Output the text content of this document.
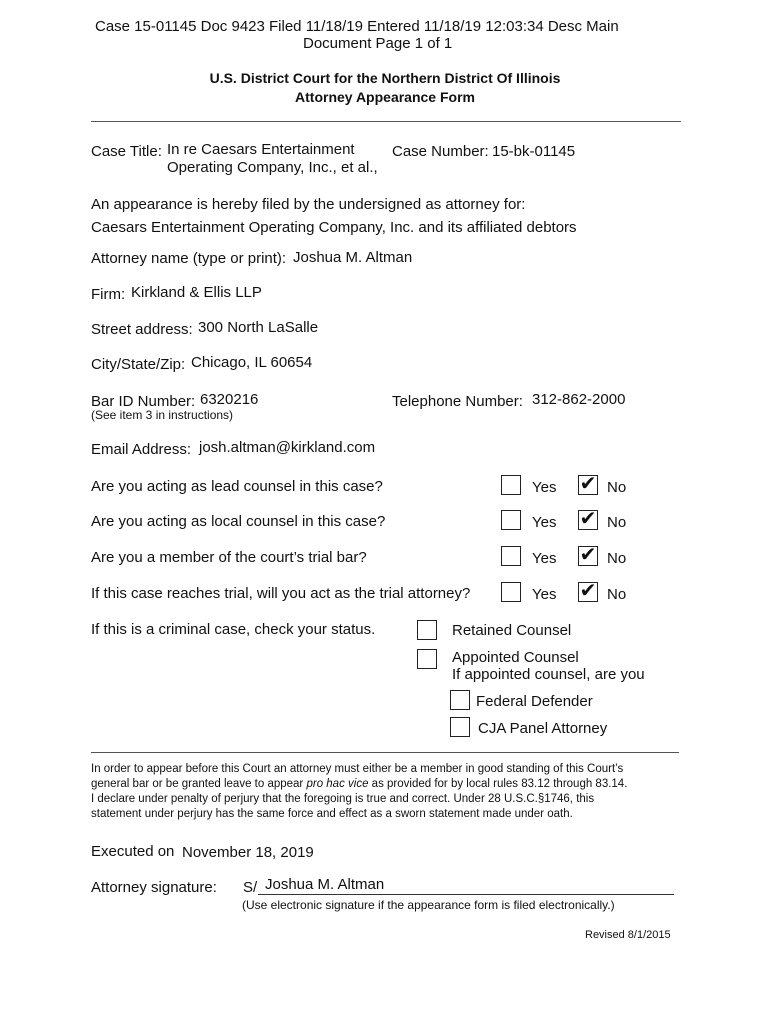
Case 15-01145 Doc 9423 Filed 11/18/19 Entered 11/18/19 12:03:34 Desc Main
Document Page 1 of 1
U.S. District Court for the Northern District Of Illinois
Attorney Appearance Form
Case Title: In re Caesars Entertainment
Operating Company, Inc., et al.,
Case Number: 15-bk-01145
An appearance is hereby filed by the undersigned as attorney for:
Caesars Entertainment Operating Company, Inc. and its affiliated debtors
Attorney name (type or print): Joshua M. Altman
Firm: Kirkland & Ellis LLP
Street address: 300 North LaSalle
City/State/Zip: Chicago, IL 60654
Bar ID Number: 6320216
(See item 3 in instructions)
Telephone Number: 312-862-2000
Email Address: josh.altman@kirkland.com
Are you acting as lead counsel in this case?	Yes ✔ No
Are you acting as local counsel in this case?	Yes ✔ No
Are you a member of the court’s trial bar?	Yes ✔ No
If this case reaches trial, will you act as the trial attorney?	Yes ✔ No
If this is a criminal case, check your status.	Retained Counsel
Appointed Counsel
If appointed counsel, are you
Federal Defender
CJA Panel Attorney
In order to appear before this Court an attorney must either be a member in good standing of this Court’s
general bar or be granted leave to appear pro hac vice as provided for by local rules 83.12 through 83.14.
I declare under penalty of perjury that the foregoing is true and correct. Under 28 U.S.C.§1746, this
statement under perjury has the same force and effect as a sworn statement made under oath.
Executed on November 18, 2019
Attorney signature: S/ Joshua M. Altman
(Use electronic signature if the appearance form is filed electronically.)
Revised 8/1/2015
